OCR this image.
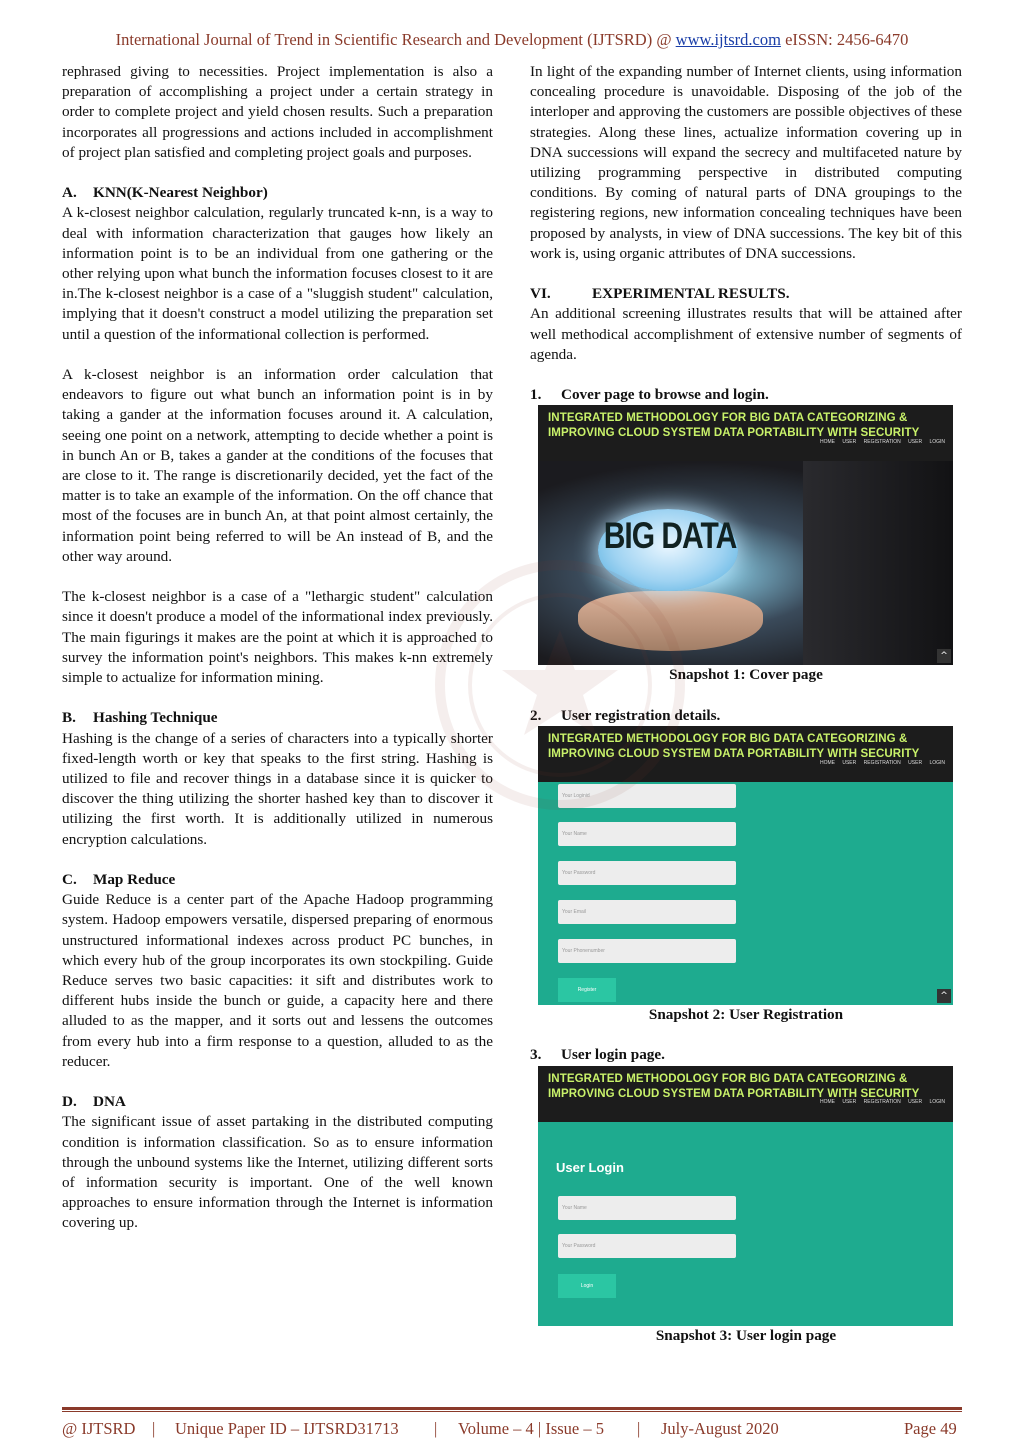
International Journal of Trend in Scientific Research and Development (IJTSRD) @ www.ijtsrd.com eISSN: 2456-6470

rephrased giving to necessities. Project implementation is also a preparation of accomplishing a project under a certain strategy in order to complete project and yield chosen results. Such a preparation incorporates all progressions and actions included in accomplishment of project plan satisfied and completing project goals and purposes.

A. KNN(K-Nearest Neighbor)

A k-closest neighbor calculation, regularly truncated k-nn, is a way to deal with information characterization that gauges how likely an information point is to be an individual from one gathering or the other relying upon what bunch the information focuses closest to it are in.The k-closest neighbor is a case of a "sluggish student" calculation, implying that it doesn't construct a model utilizing the preparation set until a question of the informational collection is performed.

A k-closest neighbor is an information order calculation that endeavors to figure out what bunch an information point is in by taking a gander at the information focuses around it. A calculation, seeing one point on a network, attempting to decide whether a point is in bunch An or B, takes a gander at the conditions of the focuses that are close to it. The range is discretionarily decided, yet the fact of the matter is to take an example of the information. On the off chance that most of the focuses are in bunch An, at that point almost certainly, the information point being referred to will be An instead of B, and the other way around.

The k-closest neighbor is a case of a "lethargic student" calculation since it doesn't produce a model of the informational index previously. The main figurings it makes are the point at which it is approached to survey the information point's neighbors. This makes k-nn extremely simple to actualize for information mining.

B. Hashing Technique

Hashing is the change of a series of characters into a typically shorter fixed-length worth or key that speaks to the first string. Hashing is utilized to file and recover things in a database since it is quicker to discover the thing utilizing the shorter hashed key than to discover it utilizing the first worth. It is additionally utilized in numerous encryption calculations.

C. Map Reduce

Guide Reduce is a center part of the Apache Hadoop programming system. Hadoop empowers versatile, dispersed preparing of enormous unstructured informational indexes across product PC bunches, in which every hub of the group incorporates its own stockpiling. Guide Reduce serves two basic capacities: it sift and distributes work to different hubs inside the bunch or guide, a capacity here and there alluded to as the mapper, and it sorts out and lessens the outcomes from every hub into a firm response to a question, alluded to as the reducer.

D. DNA

The significant issue of asset partaking in the distributed computing condition is information classification. So as to ensure information through the unbound systems like the Internet, utilizing different sorts of information security is important. One of the well known approaches to ensure information through the Internet is information covering up.

In light of the expanding number of Internet clients, using information concealing procedure is unavoidable. Disposing of the job of the interloper and approving the customers are possible objectives of these strategies. Along these lines, actualize information covering up in DNA successions will expand the secrecy and multifaceted nature by utilizing programming perspective in distributed computing conditions. By coming of natural parts of DNA groupings to the registering regions, new information concealing techniques have been proposed by analysts, in view of DNA successions. The key bit of this work is, using organic attributes of DNA successions.

VI.	EXPERIMENTAL RESULTS.

An additional screening illustrates results that will be attained after well methodical accomplishment of extensive number of segments of agenda.

1. Cover page to browse and login.

INTEGRATED METHODOLOGY FOR BIG DATA CATEGORIZING &
IMPROVING CLOUD SYSTEM DATA PORTABILITY WITH SECURITY
HOME USER REGISTRATION USER LOGIN
BIG DATA
^

Snapshot 1: Cover page

2. User registration details.

INTEGRATED METHODOLOGY FOR BIG DATA CATEGORIZING &
IMPROVING CLOUD SYSTEM DATA PORTABILITY WITH SECURITY
HOME USER REGISTRATION USER LOGIN
Your Loginid
Your Name
Your Password
Your Email
Your Phonenumber
Register
^

Snapshot 2: User Registration

3. User login page.

INTEGRATED METHODOLOGY FOR BIG DATA CATEGORIZING &
IMPROVING CLOUD SYSTEM DATA PORTABILITY WITH SECURITY
HOME USER REGISTRATION USER LOGIN
User Login
Your Name
Your Password
Login

Snapshot 3: User login page

@ IJTSRD | Unique Paper ID – IJTSRD31713 | Volume – 4 | Issue – 5 | July-August 2020	Page 49
